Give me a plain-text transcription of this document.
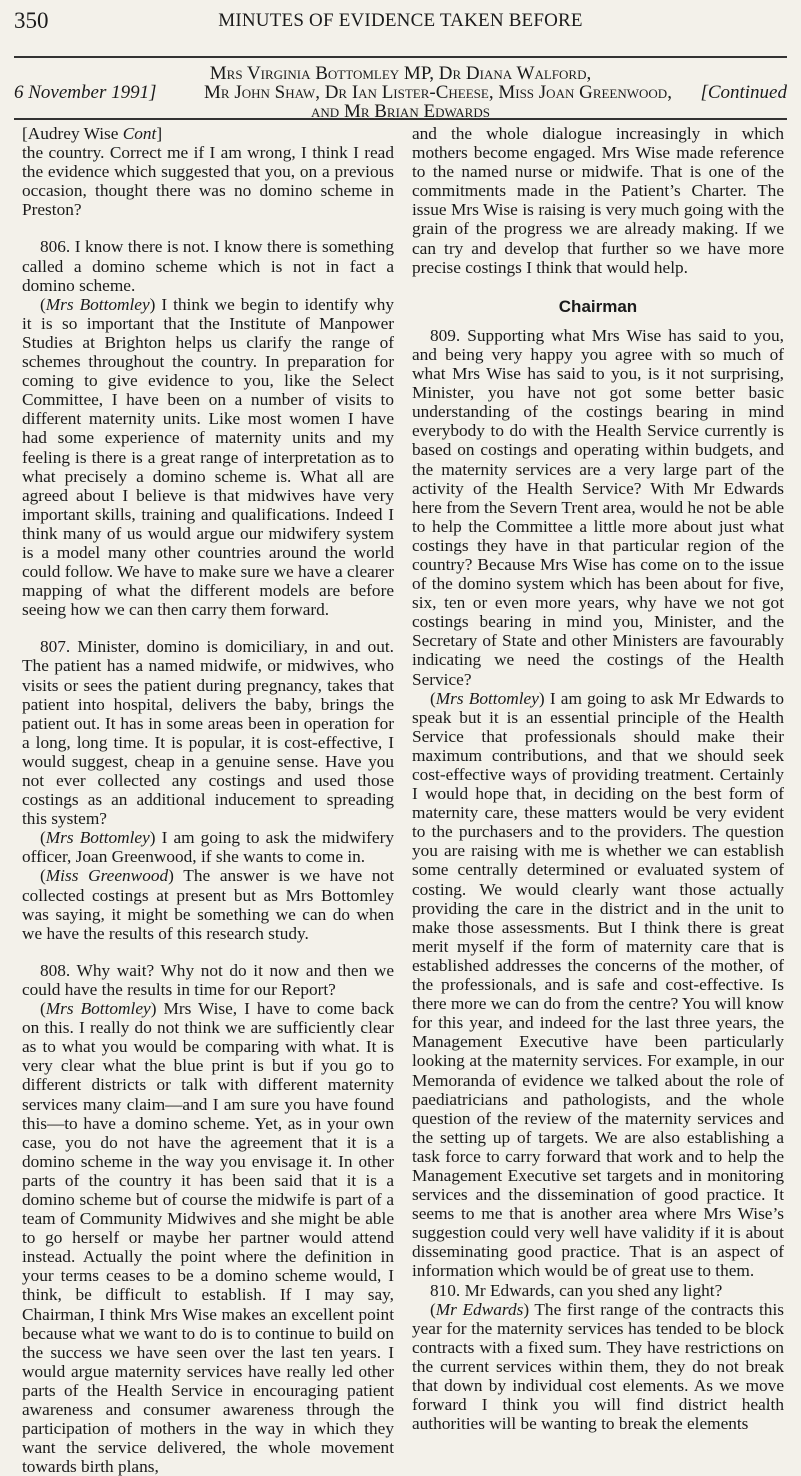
350	MINUTES OF EVIDENCE TAKEN BEFORE
Mrs Virginia Bottomley MP, Dr Diana Walford,
6 November 1991]	Mr John Shaw, Dr Ian Lister-Cheese, Miss Joan Greenwood, [Continued
and Mr Brian Edwards

[Audrey Wise Cont]

the country. Correct me if I am wrong, I think I read the evidence which suggested that you, on a previous occasion, thought there was no domino scheme in Preston?

806. I know there is not. I know there is something called a domino scheme which is not in fact a domino scheme.

(Mrs Bottomley) I think we begin to identify why it is so important that the Institute of Manpower Studies at Brighton helps us clarify the range of schemes throughout the country. In preparation for coming to give evidence to you, like the Select Committee, I have been on a number of visits to different maternity units. Like most women I have had some experience of maternity units and my feeling is there is a great range of interpretation as to what precisely a domino scheme is. What all are agreed about I believe is that midwives have very important skills, training and qualifications. Indeed I think many of us would argue our midwifery system is a model many other countries around the world could follow. We have to make sure we have a clearer mapping of what the different models are before seeing how we can then carry them forward.

807. Minister, domino is domiciliary, in and out. The patient has a named midwife, or midwives, who visits or sees the patient during pregnancy, takes that patient into hospital, delivers the baby, brings the patient out. It has in some areas been in operation for a long, long time. It is popular, it is cost-effective, I would suggest, cheap in a genuine sense. Have you not ever collected any costings and used those costings as an additional inducement to spreading this system?

(Mrs Bottomley) I am going to ask the midwifery officer, Joan Greenwood, if she wants to come in.

(Miss Greenwood) The answer is we have not collected costings at present but as Mrs Bottomley was saying, it might be something we can do when we have the results of this research study.

808. Why wait? Why not do it now and then we could have the results in time for our Report?

(Mrs Bottomley) Mrs Wise, I have to come back on this. I really do not think we are sufficiently clear as to what you would be comparing with what. It is very clear what the blue print is but if you go to different districts or talk with different maternity services many claim—and I am sure you have found this—to have a domino scheme. Yet, as in your own case, you do not have the agreement that it is a domino scheme in the way you envisage it. In other parts of the country it has been said that it is a domino scheme but of course the midwife is part of a team of Community Midwives and she might be able to go herself or maybe her partner would attend instead. Actually the point where the definition in your terms ceases to be a domino scheme would, I think, be difficult to establish. If I may say, Chairman, I think Mrs Wise makes an excellent point because what we want to do is to continue to build on the success we have seen over the last ten years. I would argue maternity services have really led other parts of the Health Service in encouraging patient awareness and consumer awareness through the participation of mothers in the way in which they want the service delivered, the whole movement towards birth plans,

and the whole dialogue increasingly in which mothers become engaged. Mrs Wise made reference to the named nurse or midwife. That is one of the commitments made in the Patient’s Charter. The issue Mrs Wise is raising is very much going with the grain of the progress we are already making. If we can try and develop that further so we have more precise costings I think that would help.

Chairman

809. Supporting what Mrs Wise has said to you, and being very happy you agree with so much of what Mrs Wise has said to you, is it not surprising, Minister, you have not got some better basic understanding of the costings bearing in mind everybody to do with the Health Service currently is based on costings and operating within budgets, and the maternity services are a very large part of the activity of the Health Service? With Mr Edwards here from the Severn Trent area, would he not be able to help the Committee a little more about just what costings they have in that particular region of the country? Because Mrs Wise has come on to the issue of the domino system which has been about for five, six, ten or even more years, why have we not got costings bearing in mind you, Minister, and the Secretary of State and other Ministers are favourably indicating we need the costings of the Health Service?

(Mrs Bottomley) I am going to ask Mr Edwards to speak but it is an essential principle of the Health Service that professionals should make their maximum contributions, and that we should seek cost-effective ways of providing treatment. Certainly I would hope that, in deciding on the best form of maternity care, these matters would be very evident to the purchasers and to the providers. The question you are raising with me is whether we can establish some centrally determined or evaluated system of costing. We would clearly want those actually providing the care in the district and in the unit to make those assessments. But I think there is great merit myself if the form of maternity care that is established addresses the concerns of the mother, of the professionals, and is safe and cost-effective. Is there more we can do from the centre? You will know for this year, and indeed for the last three years, the Management Executive have been particularly looking at the maternity services. For example, in our Memoranda of evidence we talked about the role of paediatricians and pathologists, and the whole question of the review of the maternity services and the setting up of targets. We are also establishing a task force to carry forward that work and to help the Management Executive set targets and in monitoring services and the dissemination of good practice. It seems to me that is another area where Mrs Wise’s suggestion could very well have validity if it is about disseminating good practice. That is an aspect of information which would be of great use to them.

810. Mr Edwards, can you shed any light?

(Mr Edwards) The first range of the contracts this year for the maternity services has tended to be block contracts with a fixed sum. They have restrictions on the current services within them, they do not break that down by individual cost elements. As we move forward I think you will find district health authorities will be wanting to break the elements
